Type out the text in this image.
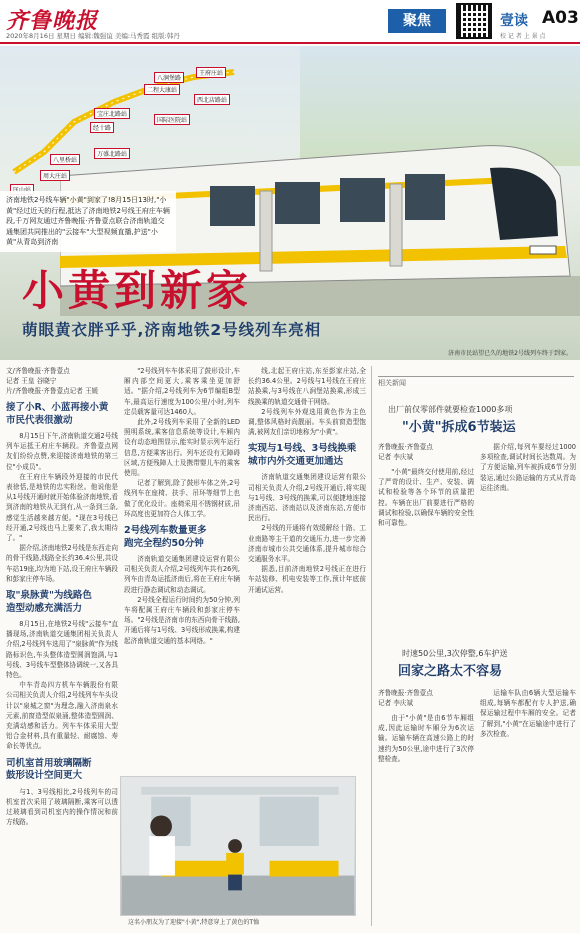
齐鲁晚报
2020年8月16日 星期日 编辑:魏强谊 美编:马秀霞 组版:韩丹
聚焦	壹读 A03
校 记 者 上 景 点
八涧堡路
二程大康站
王府庄站
西北店路站
国际医院站
宝庄北路站
经十路
万盛北路站
八里桥站
周大庄站
济南地铁2号线车辆"小黄"到家了!8月15日13时,"小黄"经过近天的行程,抵达了济南地铁2号线王府庄车辆段,千万网友通过齐鲁晚报·齐鲁壹点联合济南轨道交通集团共同推出的"云接车"大型视频直播,护送"小黄"从青岛到济南
小黄到新家
萌眼黄衣胖乎乎,济南地铁2号线列车亮相
济南市民站望已久的地铁2号线列车终于到家。
文/齐鲁晚报·齐鲁壹点
记者 王皇 谷晓宁
片/齐鲁晚报·齐鲁壹点记者 王媛
接了小R、小蓝再接小黄
市民代表很激动

8月15日下午,济南轨道交通2号线列车运抵王府庄车辆段。齐鲁壹点网友们纷纷点赞,来迎接济南地铁的第三位"小成员"。

在王府庄车辆段外迎接的市民代表徐恬,是地铁的忠实粉丝。他说他是从1号线开通时就开始体验济南地铁,看到济南的地铁从无到有,从一条到三条,感觉生活越来越方便。"现在3号线已经开通,2号线也马上要来了,我太期待了。"

据介绍,济南地铁2号线是东西走向的骨干线路,线路全长约36.4公里,共设车站19座,均为地下站,设王府庄车辆段和彭家庄停车场。

取"泉脉黄"为线路色
造型动感充满活力

8月15日,在地铁2号线"云接车"直播现场,济南轨道交通集团相关负责人介绍,2号线列车选用了"泉脉黄"作为线路标识色,车头整体造型圆润饱满,与1号线、3号线车型整体协调统一,又各具特色。

中车青岛四方机车车辆股份有限公司相关负责人介绍,2号线列车车头设计以"泉城之窗"为理念,融入济南泉水元素,前窗造型似泉涌,整体造型圆润、充满动感和活力。列车车体采用大型铝合金材料,具有重量轻、耐腐蚀、寿命长等优点。

司机室首用玻璃隔断
鼓形设计空间更大

与1、3号线相比,2号线列车的司机室首次采用了玻璃隔断,乘客可以透过玻璃看到司机室内的操作情况和前方线路。

"2号线列车车体采用了鼓形设计,车厢内部空间更大,乘客乘坐更加舒适。"据介绍,2号线列车为6节编组B型车,最高运行速度为100公里/小时,列车定员载客量可达1460人。

此外,2号线列车采用了全新的LED照明系统,乘客信息系统等设计,车厢内设有动态地图显示,能实时显示列车运行信息,方便乘客出行。列车还设有无障碍区域,方便残障人士及携带婴儿车的乘客使用。

记者了解到,除了鼓形车体之外,2号线列车在座椅、扶手、吊环等细节上也做了优化设计。座椅采用不锈钢材质,吊环高度也更加符合人体工学。

2号线列车数量更多
跑完全程约50分钟

济南轨道交通集团建设运营有限公司相关负责人介绍,2号线列车共有26列,列车由青岛运抵济南后,将在王府庄车辆段进行静态调试和动态调试。

2号线全程运行时间约为50分钟,列车将配属王府庄车辆段和彭家庄停车场。"2号线是济南市的东西向骨干线路,开通后将与1号线、3号线形成换乘,构建起济南轨道交通的基本网络。"

线,北起王府庄站,东至彭家庄站,全长约36.4公里。2号线与1号线在王府庄站换乘,与3号线在八涧堡站换乘,形成三线换乘的轨道交通骨干网络。

2号线列车外观选用黄色作为主色调,整体风格时尚靓丽。车头前窗造型饱满,被网友们亲切地称为"小黄"。

实现与1号线、3号线换乘
城市内外交通更加通达

济南轨道交通集团建设运营有限公司相关负责人介绍,2号线开通后,将实现与1号线、3号线的换乘,可以便捷地连接济南西站、济南站以及济南东站,方便市民出行。

2号线的开通将有效缓解经十路、工业南路等主干道的交通压力,进一步完善济南市城市公共交通体系,提升城市综合交通服务水平。

据悉,目前济南地铁2号线正在进行车站装修、机电安装等工作,预计年底前开通试运营。

这名小朋友为了迎接"小黄",特意穿上了黄色的T恤
相关新闻
出厂前仅零部件就要检查1000多项
"小黄"拆成6节装运
齐鲁晚报·齐鲁壹点
记者 李庆斌

"小黄"最终交付使用前,经过了严苛的设计、生产、安装、调试和检验等各个环节的质量把控。车辆在出厂前要进行严格的调试和检验,以确保车辆的安全性和可靠性。

据介绍,每列车要经过1000多项检查,调试时间长达数周。为了方便运输,列车被拆成6节分别装运,通过公路运输的方式从青岛运往济南。

时速50公里,3次停整,6车护送
回家之路太不容易
齐鲁晚报·齐鲁壹点
记者 李庆斌

由于"小黄"是由6节车厢组成,因此运输时车厢分为6次运输。运输车辆在高速公路上的时速约为50公里,途中进行了3次停整检查。

运输车队由6辆大型运输车组成,每辆车都配有专人护送,确保运输过程中车厢的安全。记者了解到,"小黄"在运输途中进行了多次检查。
